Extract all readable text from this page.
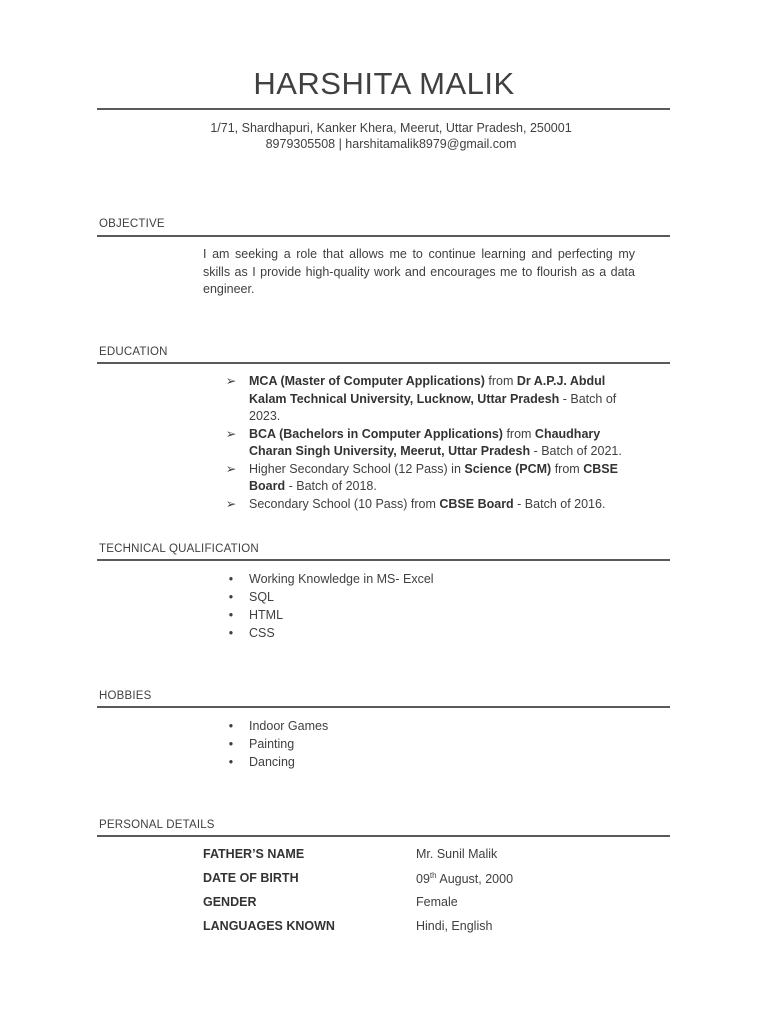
HARSHITA MALIK
1/71, Shardhapuri, Kanker Khera, Meerut, Uttar Pradesh, 250001
8979305508 | harshitamalik8979@gmail.com
OBJECTIVE
I am seeking a role that allows me to continue learning and perfecting my skills as I provide high-quality work and encourages me to flourish as a data engineer.
EDUCATION
➢ MCA (Master of Computer Applications) from Dr A.P.J. Abdul Kalam Technical University, Lucknow, Uttar Pradesh - Batch of 2023.
➢ BCA (Bachelors in Computer Applications) from Chaudhary Charan Singh University, Meerut, Uttar Pradesh - Batch of 2021.
➢ Higher Secondary School (12 Pass) in Science (PCM) from CBSE Board - Batch of 2018.
➢ Secondary School (10 Pass) from CBSE Board - Batch of 2016.
TECHNICAL QUALIFICATION
•	Working Knowledge in MS- Excel
•	SQL
•	HTML
•	CSS
HOBBIES
•	Indoor Games
•	Painting
•	Dancing
PERSONAL DETAILS
FATHER’S NAME	Mr. Sunil Malik
DATE OF BIRTH	09th August, 2000
GENDER	Female
LANGUAGES KNOWN	Hindi, English
